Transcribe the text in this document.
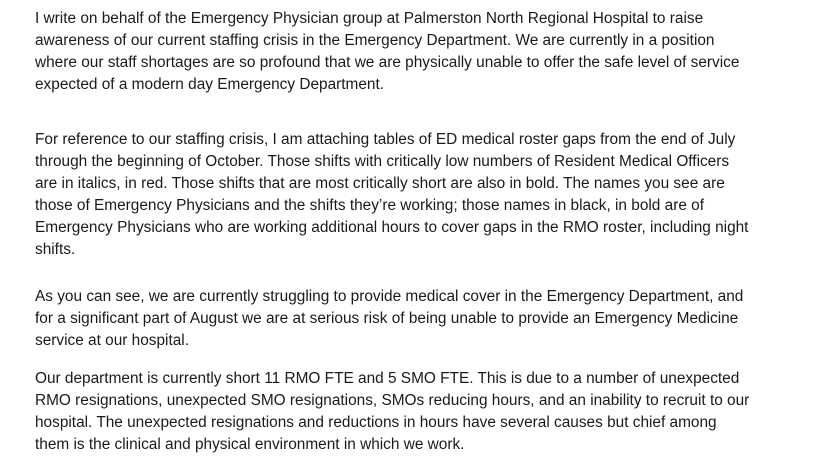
I write on behalf of the Emergency Physician group at Palmerston North Regional Hospital to raise
awareness of our current staffing crisis in the Emergency Department. We are currently in a position
where our staff shortages are so profound that we are physically unable to offer the safe level of service
expected of a modern day Emergency Department.

For reference to our staffing crisis, I am attaching tables of ED medical roster gaps from the end of July
through the beginning of October. Those shifts with critically low numbers of Resident Medical Officers
are in italics, in red. Those shifts that are most critically short are also in bold. The names you see are
those of Emergency Physicians and the shifts they’re working; those names in black, in bold are of
Emergency Physicians who are working additional hours to cover gaps in the RMO roster, including night
shifts.

As you can see, we are currently struggling to provide medical cover in the Emergency Department, and
for a significant part of August we are at serious risk of being unable to provide an Emergency Medicine
service at our hospital.

Our department is currently short 11 RMO FTE and 5 SMO FTE. This is due to a number of unexpected
RMO resignations, unexpected SMO resignations, SMOs reducing hours, and an inability to recruit to our
hospital. The unexpected resignations and reductions in hours have several causes but chief among
them is the clinical and physical environment in which we work.
